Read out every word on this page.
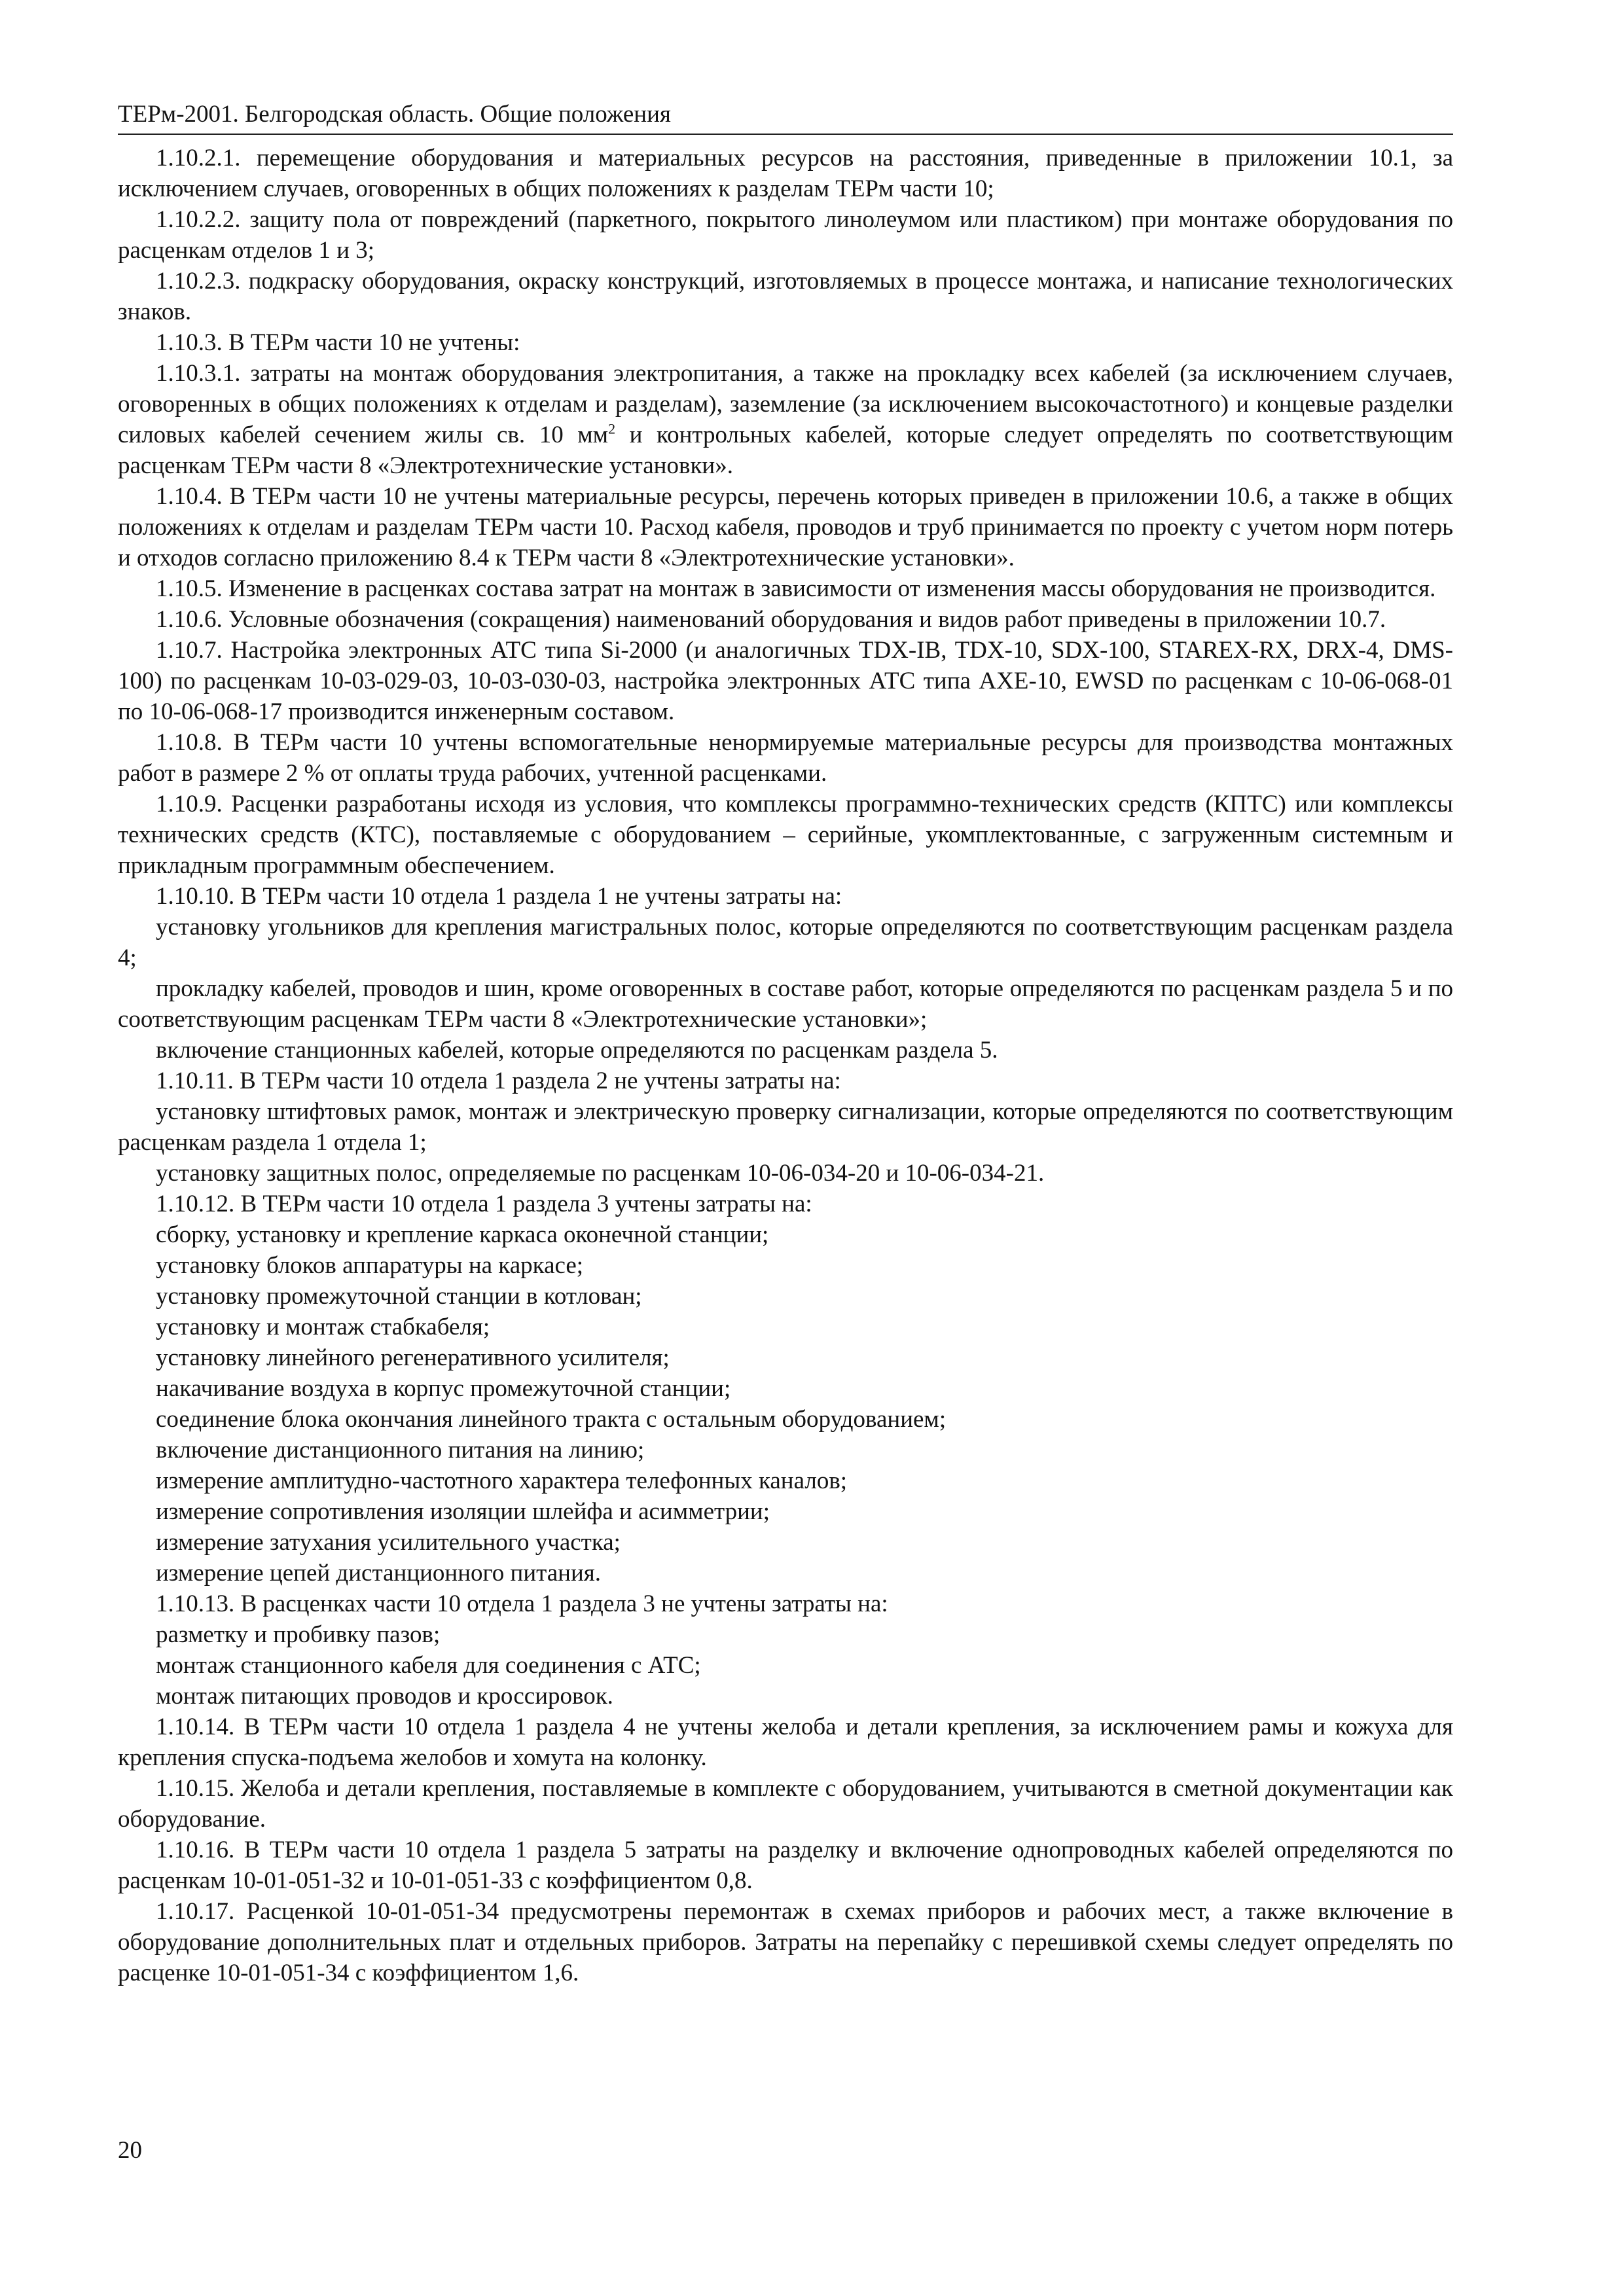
ТЕРм-2001. Белгородская область. Общие положения

1.10.2.1. перемещение оборудования и материальных ресурсов на расстояния, приведенные в приложении 10.1, за исключением случаев, оговоренных в общих положениях к разделам ТЕРм части 10;

1.10.2.2. защиту пола от повреждений (паркетного, покрытого линолеумом или пластиком) при монтаже оборудования по расценкам отделов 1 и 3;

1.10.2.3. подкраску оборудования, окраску конструкций, изготовляемых в процессе монтажа, и написание технологических знаков.

1.10.3. В ТЕРм части 10 не учтены:

1.10.3.1. затраты на монтаж оборудования электропитания, а также на прокладку всех кабелей (за исключением случаев, оговоренных в общих положениях к отделам и разделам), заземление (за исключением высокочастотного) и концевые разделки силовых кабелей сечением жилы св. 10 $мм^2$ и контрольных кабелей, которые следует определять по соответствующим расценкам ТЕРм части 8 «Электротехнические установки».

1.10.4. В ТЕРм части 10 не учтены материальные ресурсы, перечень которых приведен в приложении 10.6, а также в общих положениях к отделам и разделам ТЕРм части 10. Расход кабеля, проводов и труб принимается по проекту с учетом норм потерь и отходов согласно приложению 8.4 к ТЕРм части 8 «Электротехнические установки».

1.10.5. Изменение в расценках состава затрат на монтаж в зависимости от изменения массы оборудования не производится.

1.10.6. Условные обозначения (сокращения) наименований оборудования и видов работ приведены в приложении 10.7.

1.10.7. Настройка электронных АТС типа Si-2000 (и аналогичных TDX-IB, TDX-10, SDX-100, STAREX-RX, DRX-4, DMS-100) по расценкам 10-03-029-03, 10-03-030-03, настройка электронных АТС типа AXE-10, EWSD по расценкам с 10-06-068-01 по 10-06-068-17 производится инженерным составом.

1.10.8. В ТЕРм части 10 учтены вспомогательные ненормируемые материальные ресурсы для производства монтажных работ в размере 2 % от оплаты труда рабочих, учтенной расценками.

1.10.9. Расценки разработаны исходя из условия, что комплексы программно-технических средств (КПТС) или комплексы технических средств (КТС), поставляемые с оборудованием – серийные, укомплектованные, с загруженным системным и прикладным программным обеспечением.

1.10.10. В ТЕРм части 10 отдела 1 раздела 1 не учтены затраты на:

установку угольников для крепления магистральных полос, которые определяются по соответствующим расценкам раздела 4;

прокладку кабелей, проводов и шин, кроме оговоренных в составе работ, которые определяются по расценкам раздела 5 и по соответствующим расценкам ТЕРм части 8 «Электротехнические установки»;

включение станционных кабелей, которые определяются по расценкам раздела 5.

1.10.11. В ТЕРм части 10 отдела 1 раздела 2 не учтены затраты на:

установку штифтовых рамок, монтаж и электрическую проверку сигнализации, которые определяются по соответствующим расценкам раздела 1 отдела 1;

установку защитных полос, определяемые по расценкам 10-06-034-20 и 10-06-034-21.

1.10.12. В ТЕРм части 10 отдела 1 раздела 3 учтены затраты на:

сборку, установку и крепление каркаса оконечной станции;

установку блоков аппаратуры на каркасе;

установку промежуточной станции в котлован;

установку и монтаж стабкабеля;

установку линейного регенеративного усилителя;

накачивание воздуха в корпус промежуточной станции;

соединение блока окончания линейного тракта с остальным оборудованием;

включение дистанционного питания на линию;

измерение амплитудно-частотного характера телефонных каналов;

измерение сопротивления изоляции шлейфа и асимметрии;

измерение затухания усилительного участка;

измерение цепей дистанционного питания.

1.10.13. В расценках части 10 отдела 1 раздела 3 не учтены затраты на:

разметку и пробивку пазов;

монтаж станционного кабеля для соединения с АТС;

монтаж питающих проводов и кроссировок.

1.10.14. В ТЕРм части 10 отдела 1 раздела 4 не учтены желоба и детали крепления, за исключением рамы и кожуха для крепления спуска-подъема желобов и хомута на колонку.

1.10.15. Желоба и детали крепления, поставляемые в комплекте с оборудованием, учитываются в сметной документации как оборудование.

1.10.16. В ТЕРм части 10 отдела 1 раздела 5 затраты на разделку и включение однопроводных кабелей определяются по расценкам 10-01-051-32 и 10-01-051-33 с коэффициентом 0,8.

1.10.17. Расценкой 10-01-051-34 предусмотрены перемонтаж в схемах приборов и рабочих мест, а также включение в оборудование дополнительных плат и отдельных приборов. Затраты на перепайку с перешивкой схемы следует определять по расценке 10-01-051-34 с коэффициентом 1,6.

20
